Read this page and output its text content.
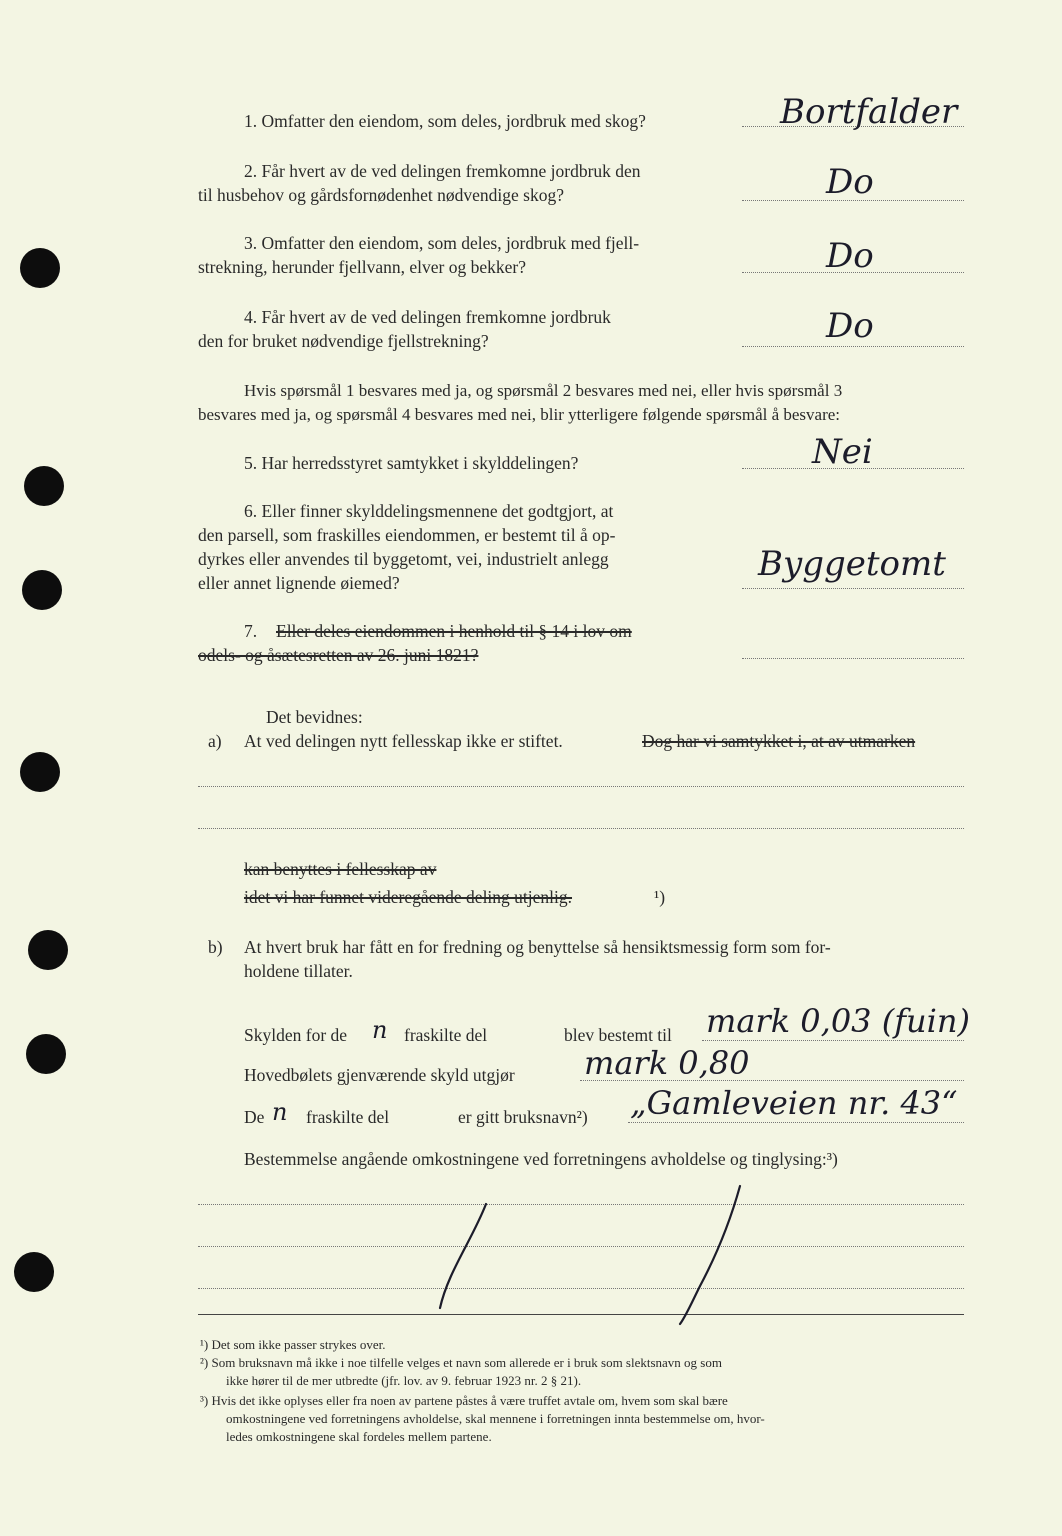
1. Omfatter den eiendom, som deles, jordbruk med skog?	Bortfalder
2. Får hvert av de ved delingen fremkomne jordbruk den
til husbehov og gårdsfornødenhet nødvendige skog?	Do
3. Omfatter den eiendom, som deles, jordbruk med fjell-
strekning, herunder fjellvann, elver og bekker?	Do
4. Får hvert av de ved delingen fremkomne jordbruk
den for bruket nødvendige fjellstrekning?	Do
Hvis spørsmål 1 besvares med ja, og spørsmål 2 besvares med nei, eller hvis spørsmål 3
besvares med ja, og spørsmål 4 besvares med nei, blir ytterligere følgende spørsmål å besvare:
5. Har herredsstyret samtykket i skylddelingen?	Nei
6. Eller finner skylddelingsmennene det godtgjort, at
den parsell, som fraskilles eiendommen, er bestemt til å op-
dyrkes eller anvendes til byggetomt, vei, industrielt anlegg
eller annet lignende øiemed?	Byggetomt
7. Eller deles eiendommen i henhold til § 14 i lov om
odels- og åsætesretten av 26. juni 1821?
Det bevidnes:
a) At ved delingen nytt fellesskap ikke er stiftet.	Dog har vi samtykket i, at av utmarken
kan benyttes i fellesskap av
idet vi har funnet videregående deling utjenlig.	¹)
b) At hvert bruk har fått en for fredning og benyttelse så hensiktsmessig form som for-
holdene tillater.
Skylden for de n fraskilte del	blev bestemt til mark 0,03 (fuin)
Hovedbølets gjenværende skyld utgjør mark 0,80
De n fraskilte del	er gitt bruksnavn²) „Gamleveien nr. 43“
Bestemmelse angående omkostningene ved forretningens avholdelse og tinglysing:³)
¹) Det som ikke passer strykes over.
²) Som bruksnavn må ikke i noe tilfelle velges et navn som allerede er i bruk som slektsnavn og som
ikke hører til de mer utbredte (jfr. lov. av 9. februar 1923 nr. 2 § 21).
³) Hvis det ikke oplyses eller fra noen av partene påstes å være truffet avtale om, hvem som skal bære
omkostningene ved forretningens avholdelse, skal mennene i forretningen innta bestemmelse om, hvor-
ledes omkostningene skal fordeles mellem partene.
